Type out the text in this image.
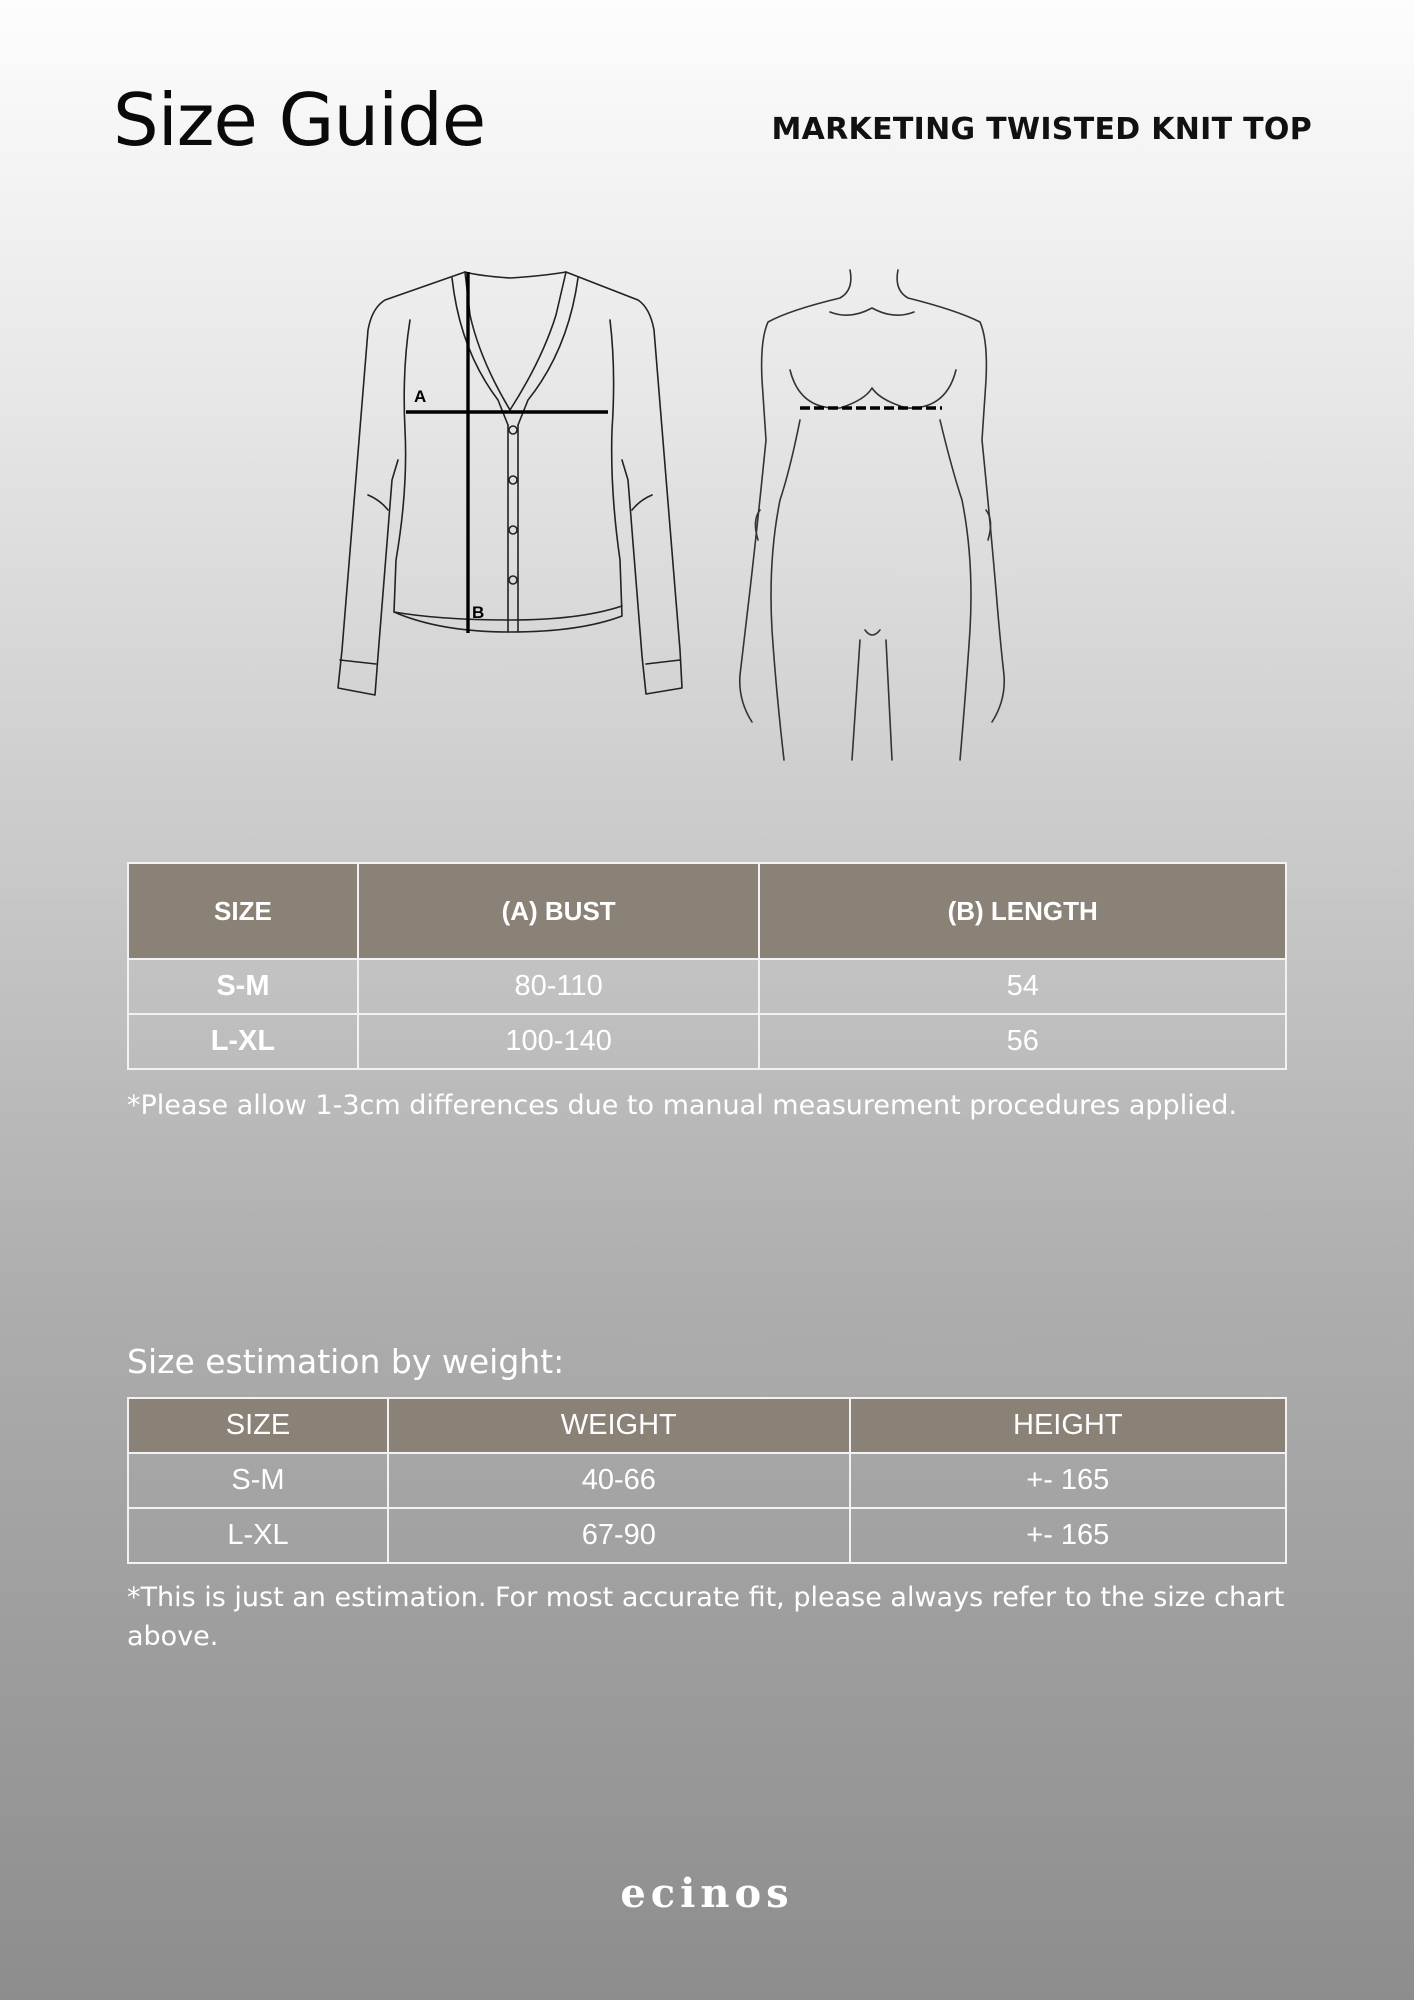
Size Guide	MARKETING TWISTED KNIT TOP
A
B
SIZE	(A) BUST	(B) LENGTH
S-M	80-110	54
L-XL	100-140	56
*Please allow 1-3cm differences due to manual measurement procedures applied.
Size estimation by weight:
SIZE	WEIGHT	HEIGHT
S-M	40-66	+- 165
L-XL	67-90	+- 165
*This is just an estimation. For most accurate fit, please always refer to the size chart above.
ecinos
